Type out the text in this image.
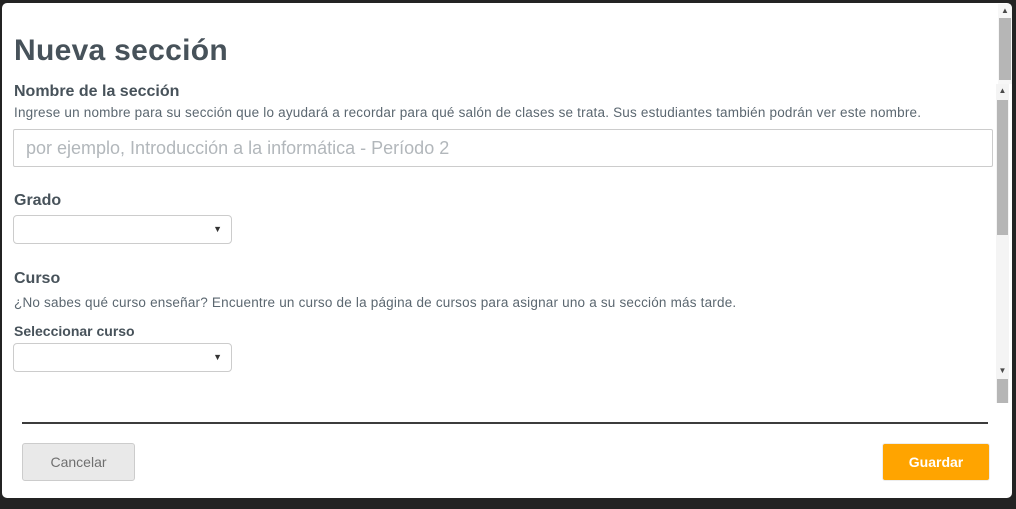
Nueva sección
Nombre de la sección
Ingrese un nombre para su sección que lo ayudará a recordar para qué salón de clases se trata. Sus estudiantes también podrán ver este nombre.
por ejemplo, Introducción a la informática - Período 2
Grado
▼
Curso
¿No sabes qué curso enseñar? Encuentre un curso de la página de cursos para asignar uno a su sección más tarde.
Seleccionar curso
▼
Cancelar	Guardar
▲
▲
▼
